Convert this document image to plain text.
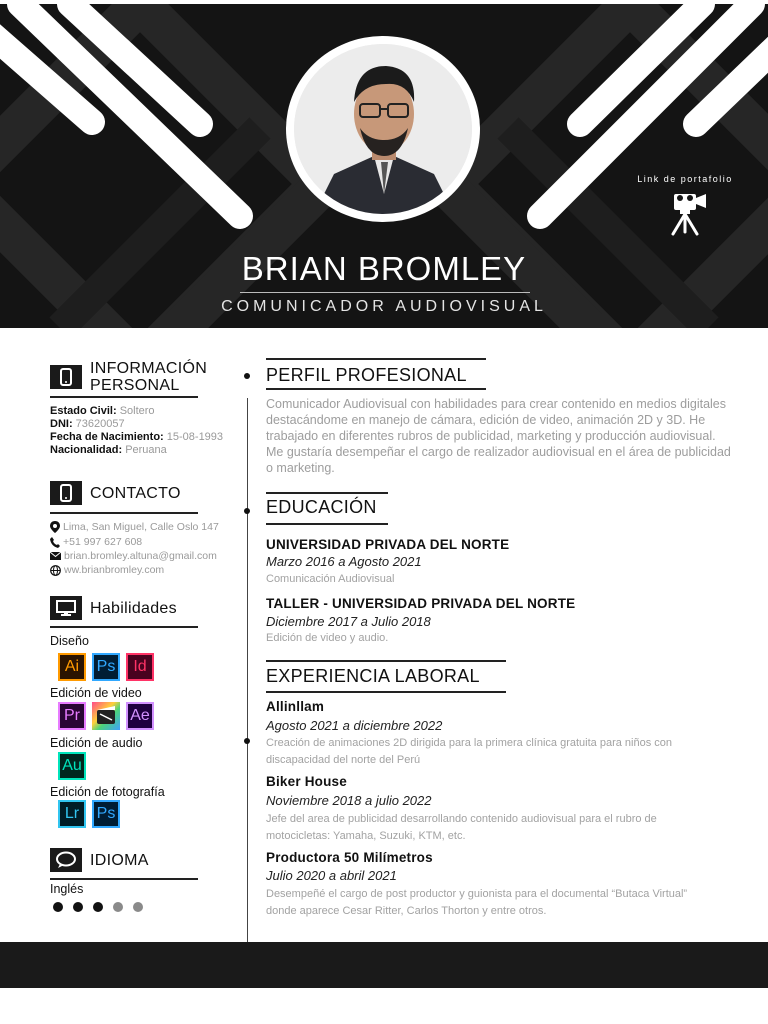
Link de portafolio
BRIAN BROMLEY
COMUNICADOR AUDIOVISUAL
INFORMACIÓN
PERSONAL
Estado Civil: Soltero
DNI: 73620057
Fecha de Nacimiento: 15-08-1993
Nacionalidad: Peruana
CONTACTO
Lima, San Miguel, Calle Oslo 147
+51 997 627 608
brian.bromley.altuna@gmail.com
ww.brianbromley.com
Habilidades
Diseño
Ai	Ps	Id
Edición de video
Pr	Ae
Edición de audio
Au
Edición de fotografía
Lr	Ps
IDIOMA
Inglés
PERFIL PROFESIONAL
Comunicador Audiovisual con habilidades para crear contenido en medios digitales destacándome en manejo de cámara, edición de video, animación 2D y 3D. He trabajado en diferentes rubros de publicidad, marketing y producción audiovisual. Me gustaría desempeñar el cargo de realizador audiovisual en el área de publicidad o marketing.
EDUCACIÓN
UNIVERSIDAD PRIVADA DEL NORTE
Marzo 2016 a Agosto 2021
Comunicación Audiovisual
TALLER - UNIVERSIDAD PRIVADA DEL NORTE
Diciembre 2017 a Julio 2018
Edición de video y audio.
EXPERIENCIA LABORAL
Allinllam
Agosto 2021 a diciembre 2022
Creación de animaciones 2D dirigida para la primera clínica gratuita para niños con discapacidad del norte del Perú
Biker House
Noviembre 2018 a julio 2022
Jefe del area de publicidad desarrollando contenido audiovisual para el rubro de motocicletas: Yamaha, Suzuki, KTM, etc.
Productora 50 Milímetros
Julio 2020 a abril 2021
Desempeñé el cargo de post productor y guionista para el documental “Butaca Virtual” donde aparece Cesar Ritter, Carlos Thorton y entre otros.
